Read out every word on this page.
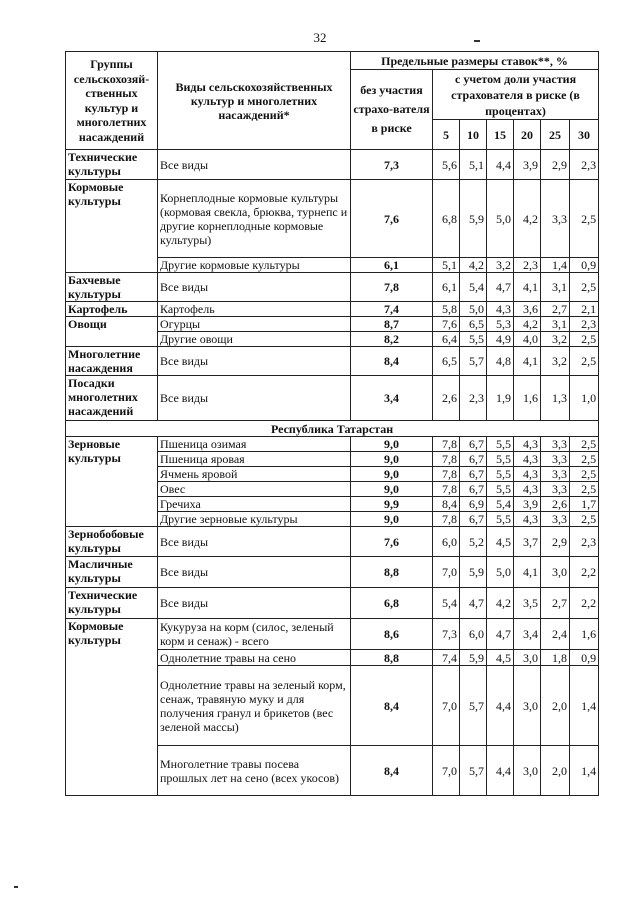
32
Группы сельскохозяй-ственных культур и многолетних насаждений	Виды сельскохозяйственных культур и многолетних насаждений*	Предельные размеры ставок**, %						
		без участия страхо-вателя в риске	с учетом доли участия страхователя в риске (в процентах)					
			5	10	15	20	25	30
Технические культуры	Все виды	7,3	5,6	5,1	4,4	3,9	2,9	2,3
Кормовые культуры	Корнеплодные кормовые культуры (кормовая свекла, брюква, турнепс и другие корнеплодные кормовые культуры)	7,6	6,8	5,9	5,0	4,2	3,3	2,5
	Другие кормовые культуры	6,1	5,1	4,2	3,2	2,3	1,4	0,9
Бахчевые культуры	Все виды	7,8	6,1	5,4	4,7	4,1	3,1	2,5
Картофель	Картофель	7,4	5,8	5,0	4,3	3,6	2,7	2,1
Овощи	Огурцы	8,7	7,6	6,5	5,3	4,2	3,1	2,3
	Другие овощи	8,2	6,4	5,5	4,9	4,0	3,2	2,5
Многолетние насаждения	Все виды	8,4	6,5	5,7	4,8	4,1	3,2	2,5
Посадки многолетних насаждений	Все виды	3,4	2,6	2,3	1,9	1,6	1,3	1,0
Республика Татарстан								
Зерновые культуры	Пшеница озимая	9,0	7,8	6,7	5,5	4,3	3,3	2,5
	Пшеница яровая	9,0	7,8	6,7	5,5	4,3	3,3	2,5
	Ячмень яровой	9,0	7,8	6,7	5,5	4,3	3,3	2,5
	Овес	9,0	7,8	6,7	5,5	4,3	3,3	2,5
	Гречиха	9,9	8,4	6,9	5,4	3,9	2,6	1,7
	Другие зерновые культуры	9,0	7,8	6,7	5,5	4,3	3,3	2,5
Зернобобовые культуры	Все виды	7,6	6,0	5,2	4,5	3,7	2,9	2,3
Масличные культуры	Все виды	8,8	7,0	5,9	5,0	4,1	3,0	2,2
Технические культуры	Все виды	6,8	5,4	4,7	4,2	3,5	2,7	2,2
Кормовые культуры	Кукуруза на корм (силос, зеленый корм и сенаж) - всего	8,6	7,3	6,0	4,7	3,4	2,4	1,6
	Однолетние травы на сено	8,8	7,4	5,9	4,5	3,0	1,8	0,9
	Однолетние травы на зеленый корм, сенаж, травяную муку и для получения гранул и брикетов (вес зеленой массы)	8,4	7,0	5,7	4,4	3,0	2,0	1,4
	Многолетние травы посева прошлых лет на сено (всех укосов)	8,4	7,0	5,7	4,4	3,0	2,0	1,4
